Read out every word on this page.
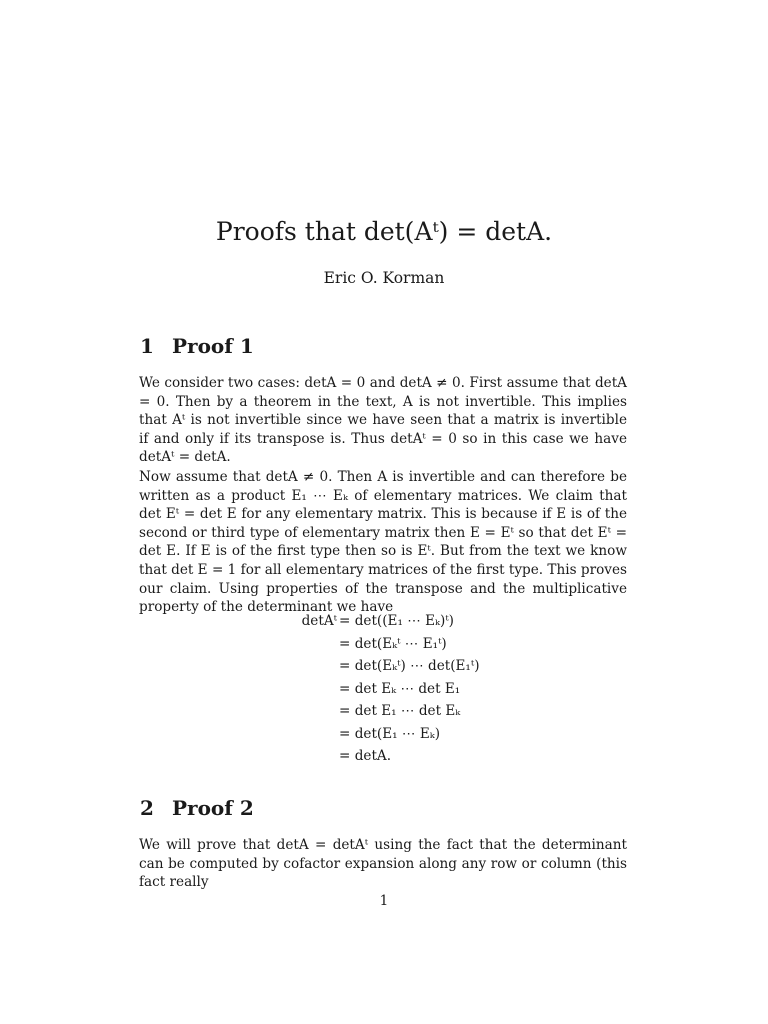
Proofs that det(Aᵗ) = detA.
Eric O. Korman
1 Proof 1
We consider two cases: detA = 0 and detA ≠ 0. First assume that detA = 0. Then by a theorem in the text, A is not invertible. This implies that Aᵗ is not invertible since we have seen that a matrix is invertible if and only if its transpose is. Thus detAᵗ = 0 so in this case we have detAᵗ = detA.
Now assume that detA ≠ 0. Then A is invertible and can therefore be written as a product E₁ ⋯ Eₖ of elementary matrices. We claim that det Eᵗ = det E for any elementary matrix. This is because if E is of the second or third type of elementary matrix then E = Eᵗ so that det Eᵗ = det E. If E is of the first type then so is Eᵗ. But from the text we know that det E = 1 for all elementary matrices of the first type. This proves our claim. Using properties of the transpose and the multiplicative property of the determinant we have
detAᵗ = det((E₁ ⋯ Eₖ)ᵗ)
= det(Eₖᵗ ⋯ E₁ᵗ)
= det(Eₖᵗ) ⋯ det(E₁ᵗ)
= det Eₖ ⋯ det E₁
= det E₁ ⋯ det Eₖ
= det(E₁ ⋯ Eₖ)
= detA.
2 Proof 2
We will prove that detA = detAᵗ using the fact that the determinant can be computed by cofactor expansion along any row or column (this fact really
1
